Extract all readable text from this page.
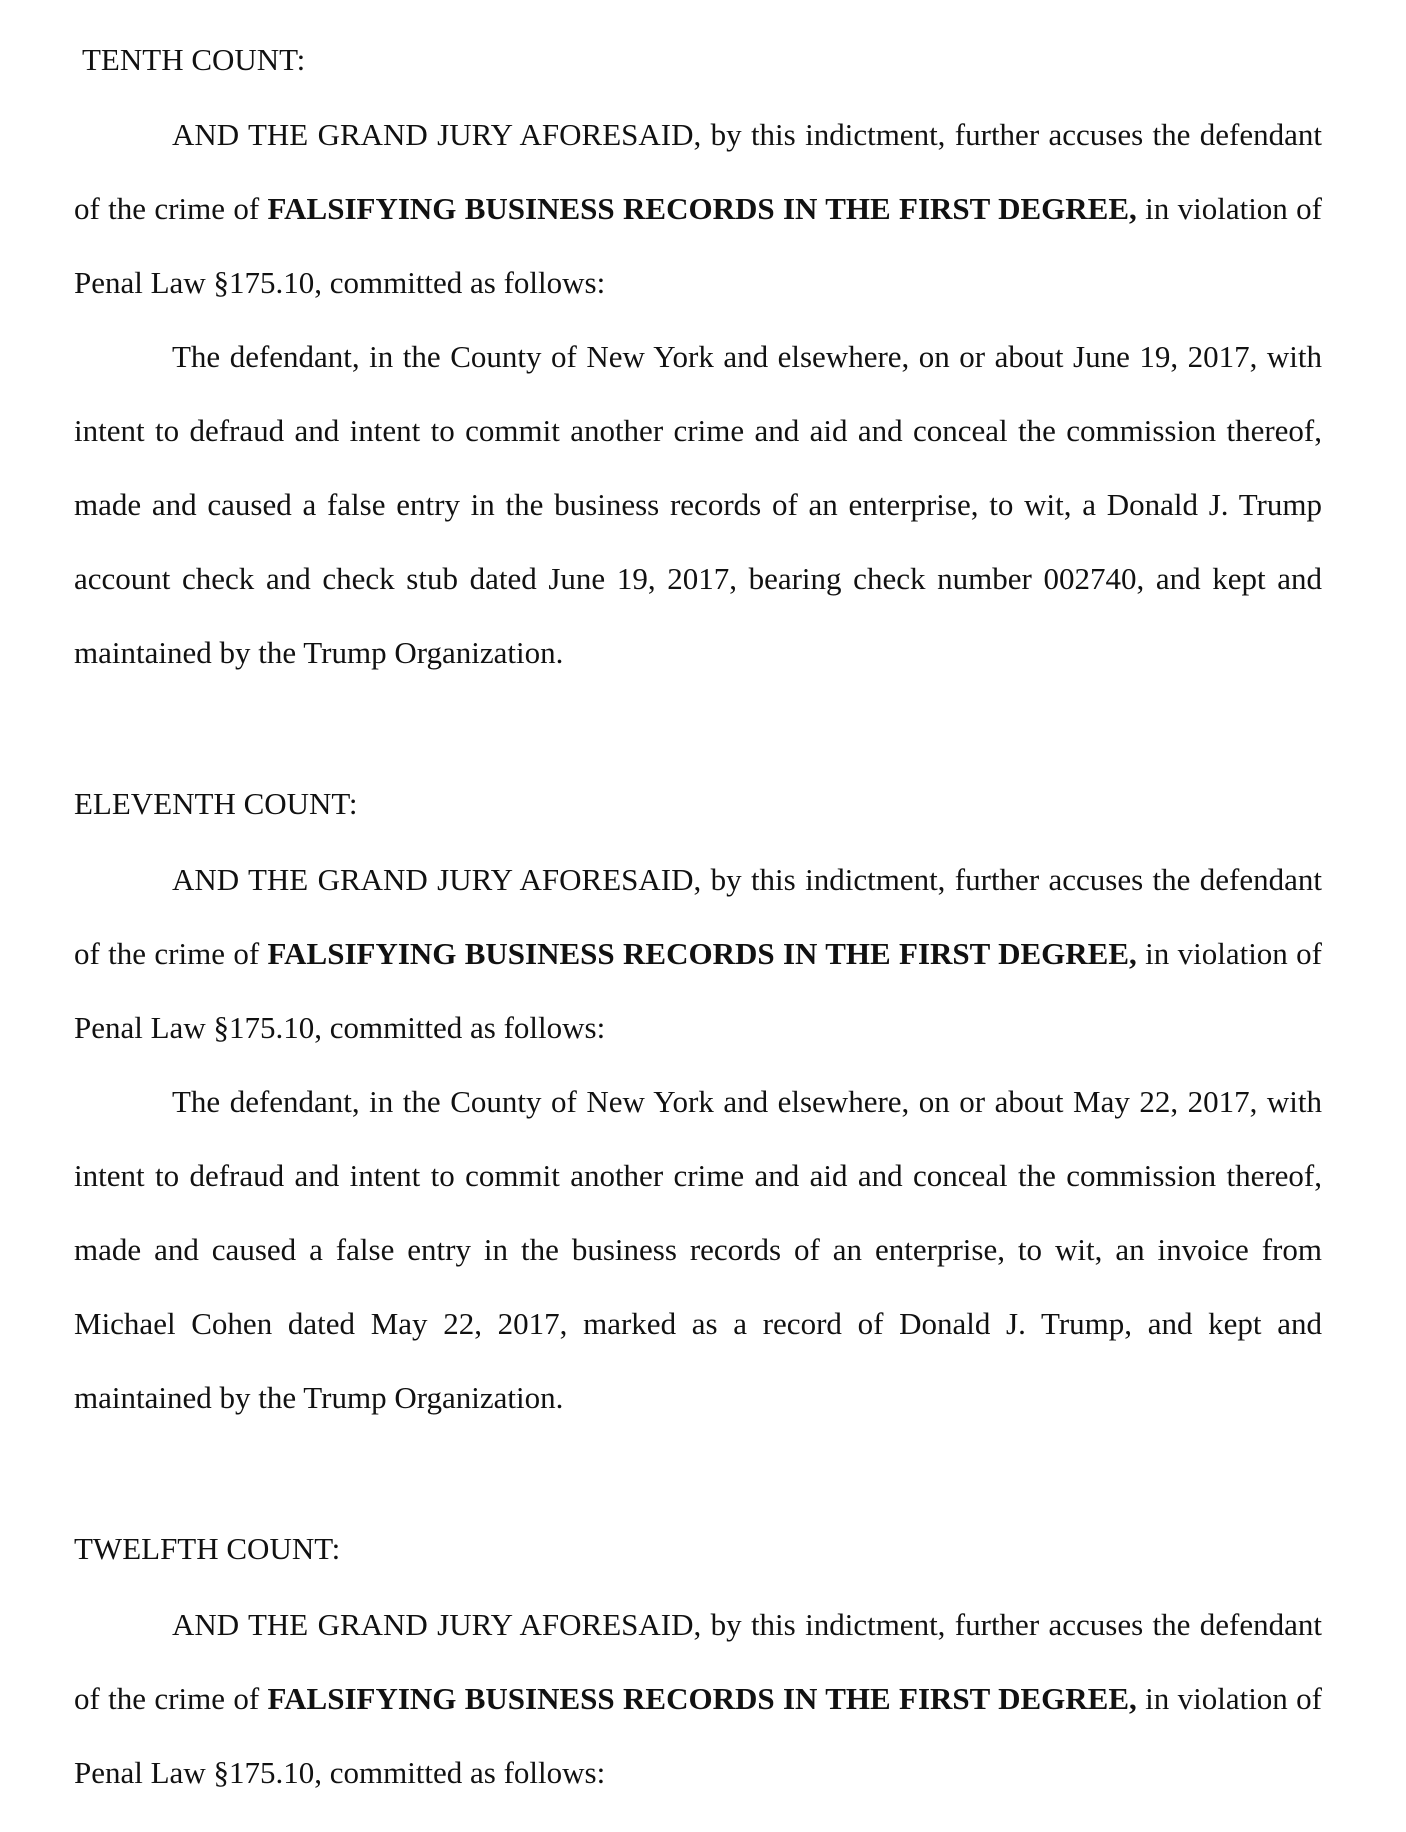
TENTH COUNT:

AND THE GRAND JURY AFORESAID, by this indictment, further accuses the defendant of the crime of FALSIFYING BUSINESS RECORDS IN THE FIRST DEGREE, in violation of Penal Law §175.10, committed as follows:

The defendant, in the County of New York and elsewhere, on or about June 19, 2017, with intent to defraud and intent to commit another crime and aid and conceal the commission thereof, made and caused a false entry in the business records of an enterprise, to wit, a Donald J. Trump account check and check stub dated June 19, 2017, bearing check number 002740, and kept and maintained by the Trump Organization.

ELEVENTH COUNT:

AND THE GRAND JURY AFORESAID, by this indictment, further accuses the defendant of the crime of FALSIFYING BUSINESS RECORDS IN THE FIRST DEGREE, in violation of Penal Law §175.10, committed as follows:

The defendant, in the County of New York and elsewhere, on or about May 22, 2017, with intent to defraud and intent to commit another crime and aid and conceal the commission thereof, made and caused a false entry in the business records of an enterprise, to wit, an invoice from Michael Cohen dated May 22, 2017, marked as a record of Donald J. Trump, and kept and maintained by the Trump Organization.

TWELFTH COUNT:

AND THE GRAND JURY AFORESAID, by this indictment, further accuses the defendant of the crime of FALSIFYING BUSINESS RECORDS IN THE FIRST DEGREE, in violation of Penal Law §175.10, committed as follows:
